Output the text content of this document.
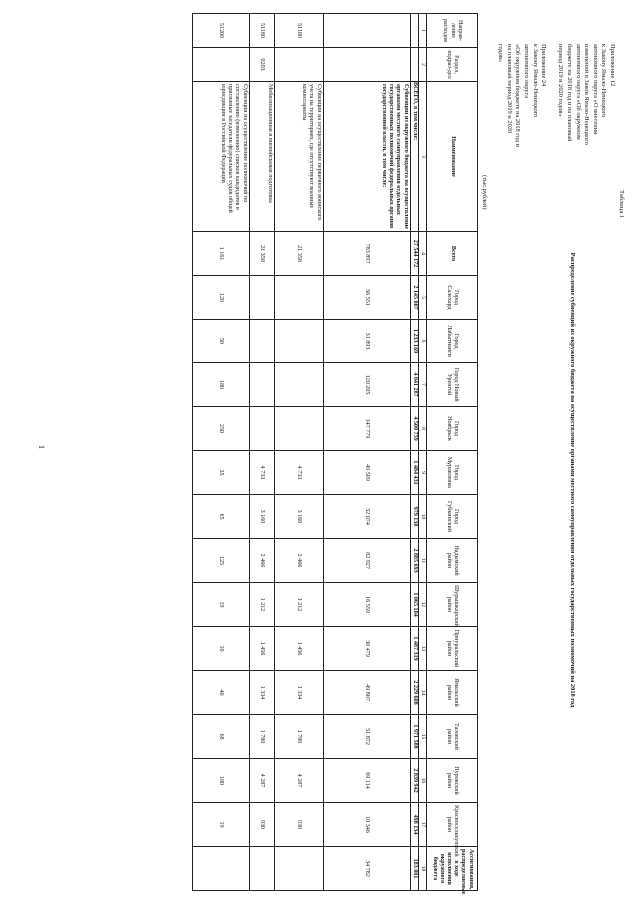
1
Таблица 1
Приложение 12
к Закону Ямало-Ненецкого
автономного округа «О внесении
изменений в Закон Ямало-Ненецкого
автономного округа «Об окружном
бюджете на 2018 год и на плановый
период 2019 и 2020 годов»

Приложение 24
к Закону Ямало-Ненецкого
автономного округа
«Об окружном бюджете на 2018 год и
на плановый период 2019 и 2020
годов»
Распределение субвенций из окружного бюджета на осуществление органами местного самоуправления отдельных государственных полномочий на 2018 год
(тыс.рублей)
Направ-ление расходов	Раздел, подраз-дел	Наименование	Всего	Город Салехард	Город Лабытнанги	Город Новый Уренгой	Город Ноябрьск	Город Муравленко	Город Губкинский	Надымский район	Шурышкарский район	Приуральский район	Ямальский район	Тазовский район	Пуровский район	Красноселькупский район	Ассигнования, распределяемые в ходе исполнения окружного бюджета
1	2	3	4	5	6	7	8	9	10	11	12	13	14	15	16	17	18
		ВСЕГО, в том числе:	27 544 172	2 145 007	1 233 169	4 041 287	4 500 759	1 484 431	979 130	2 885 693	1 065 104	1 487 319	2 229 608	1 971 588	2 839 942	498 134	183 001
		Субвенции из окружного бюджета на осуществление органами местного самоуправления отдельных государственных полномочий федеральных органов государственной власти, в том числе:	783 897	56 551	31 893	120 205	147 779	49 509	32 074	82 927	16 559	30 479	49 807	51 872	69 114	10 346	34 782
51180		Субвенции на осуществление первичного воинского учета на территориях, где отсутствуют военные комиссариаты	21 358					4 733	3 160	2 466	1 212	1 456	1 334	1 780	4 287	930	
51180	0203	Мобилизационная и вневойсковая подготовка	21 358					4 733	3 160	2 466	1 212	1 456	1 334	1 780	4 287	930	
51200		Субвенции на осуществление полномочий по составлению (изменению) списков кандидатов в присяжные заседатели федеральных судов общей юрисдикции в Российской Федерации	1 161	120	50	180	250	35	65	125	19	10	40	68	180	19	
